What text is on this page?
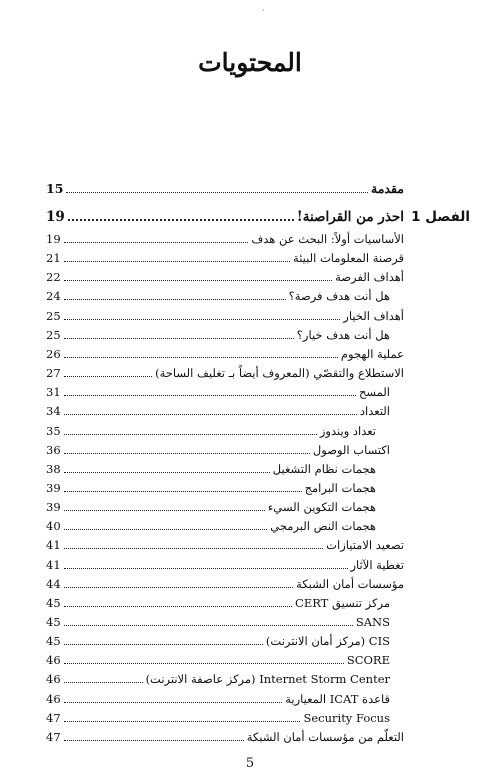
·
المحتويات
مقدمة
15
الفصل 1
احذر من القراصنة!
19
الأساسيات أولاً: البحث عن هدف
19
قرصنة المعلومات البيئة
21
أهداف الفرصة
22
هل أنت هدف فرصة؟
24
أهداف الخيار
25
هل أنت هدف خيار؟
25
عملية الهجوم
26
الاستطلاع والتقصّي (المعروف أيضاً بـ تغليف الساحة)
27
المسح
31
التعداد
34
تعداد ويندوز
35
اكتساب الوصول
36
هجمات نظام التشغيل
38
هجمات البرامج
39
هجمات التكوين السيء
39
هجمات النص البرمجي
40
تصعيد الامتيازات
41
تغطية الآثار
41
مؤسسات أمان الشبكة
44
مركز تنسيق CERT
45
SANS
45
CIS (مركز أمان الانترنت)
45
SCORE
46
Internet Storm Center (مركز عاصفة الانترنت)
46
قاعدة ICAT المعيارية
46
Security Focus
47
التعلّم من مؤسسات أمان الشبكة
47
5
